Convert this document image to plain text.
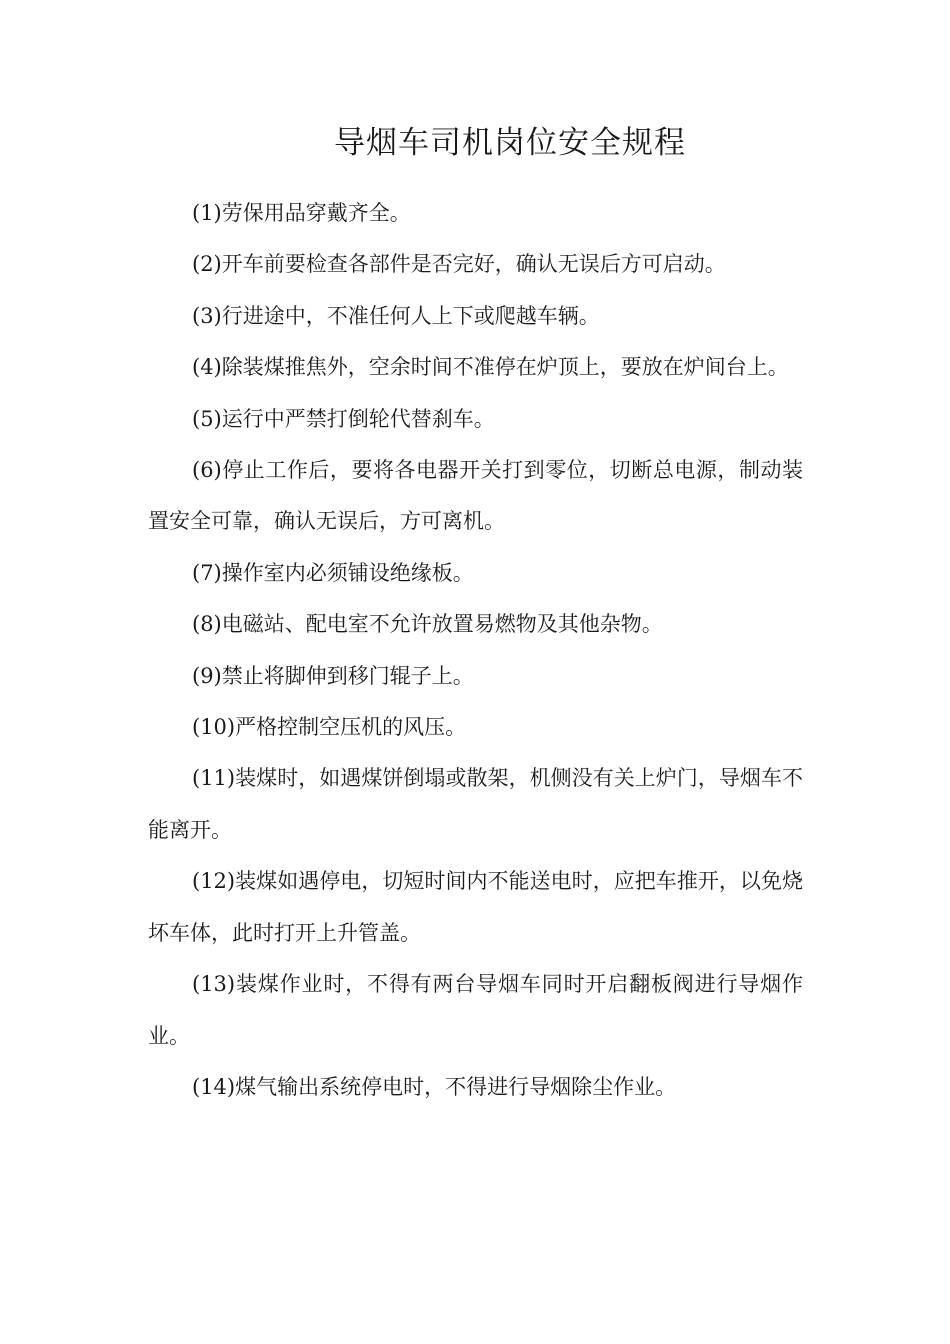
导烟车司机岗位安全规程

(1)劳保用品穿戴齐全。

(2)开车前要检查各部件是否完好，确认无误后方可启动。

(3)行进途中，不准任何人上下或爬越车辆。

(4)除装煤推焦外，空余时间不准停在炉顶上，要放在炉间台上。

(5)运行中严禁打倒轮代替刹车。

(6)停止工作后，要将各电器开关打到零位，切断总电源，制动装置安全可靠，确认无误后，方可离机。

(7)操作室内必须铺设绝缘板。

(8)电磁站、配电室不允许放置易燃物及其他杂物。

(9)禁止将脚伸到移门辊子上。

(10)严格控制空压机的风压。

(11)装煤时，如遇煤饼倒塌或散架，机侧没有关上炉门，导烟车不能离开。

(12)装煤如遇停电，切短时间内不能送电时，应把车推开，以免烧坏车体，此时打开上升管盖。

(13)装煤作业时，不得有两台导烟车同时开启翻板阀进行导烟作业。

(14)煤气输出系统停电时，不得进行导烟除尘作业。
